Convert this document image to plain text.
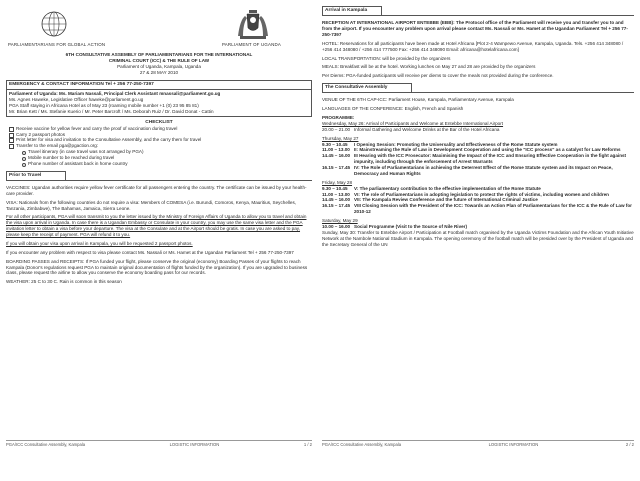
PARLIAMENTARIANS FOR GLOBAL ACTION	PARLIAMENT OF UGANDA
6TH CONSULTATIVE ASSEMBLY OF PARLIAMENTARIANS FOR THE INTERNATIONAL
CRIMINAL COURT (ICC) & THE RULE OF LAW
Parliament of Uganda, Kampala, Uganda
27 & 28 MAY 2010
EMERGENCY & CONTACT INFORMATION Tel + 256 77-250-7397
Parliament of Uganda: Ms. Mariam Nassali, Principal Clerk Assistant mnassali@parliament.go.ug
Ms. Agnes Haweke, Legislative Officer haweke@parliament.go.ug
PGA Staff staying in Africana Hotel as of May 23 (roaming mobile number +1 (0) 23 95 85 81)
Mr. Brian Kett / Ms. Stefanie Kuerio / Mr. Peter Barcroft / Ms. Deborah Ruiz / Dr. David Donat - Cattin
CHECKLIST
Receive vaccine for yellow fever and carry the proof of vaccination during travel
Carry 2 passport photos
Print letter for visa and invitation to the Consultative Assembly, and the carry them for travel
Transfer to the email pga@pgaction.org:
Travel itinerary (in case travel was not arranged by PGA)
Mobile number to be reached during travel
Phone number of assistant back in home country
Prior to Travel

VACCINES: Ugandan authorities require yellow fever certificate for all passengers entering the country. The certificate can be issued by your health-care provider.

VISA: Nationals from the following countries do not require a visa: Members of COMESA (i.e. Burundi, Comoros, Kenya, Mauritius, Seychelles, Tanzania, Zimbabwe), The Bahamas, Jamaica, Sierra Leone.

For all other participants, PGA will soon transmit to you the letter issued by the Ministry of Foreign Affairs of Uganda to allow you to travel and obtain the visa upon arrival in Uganda. In case there is a Ugandan Embassy or Consulate in your country, you may use the same visa letter and the PGA invitation letter to obtain a visa before your departure. The visa at the Consulate and at the Airport should be gratis. In case you are asked to pay, please keep the receipt of payment. PGA will refund it to you.

If you will obtain your visa upon arrival in Kampala, you will be requested 2 passport photos.

If you encounter any problem with respect to visa please contact Ms. Nassali or Ms. Hamet at the Ugandan Parliament Tel + 256 77-250-7397

BOARDING PASSES and RECEIPTS: If PGA funded your flight, please conserve the original (economy) Boarding Passes of your flights to reach Kampala (Donor's regulations request PGA to maintain original documentation of flights funded by the organization). If you are upgraded to business class, please request the airline to allow you conserve the economy boarding pass for our records.

WEATHER: 25 C to 30 C. Rain is common in this season

PGA/ICC Consultative Assembly, Kampala	LOGISTIC INFORMATION	1 / 2
Arrival in Kampala

RECEPTION AT INTERNATIONAL AIRPORT ENTEBBE (EBB): The Protocol office of the Parliament will receive you and transfer you to and from the airport. If you encounter any problem upon arrival please contact Ms. Nassali or Ms. Hamet at the Ugandan Parliament Tel + 256 77-250-7397

HOTEL: Reservations for all participants have been made at Hotel Africana [Plot 2-4 Wampewo Avenue, Kampala, Uganda. Tels. +256 414 348080 / +256 414 348080 / +256 414 777500 Fax: +256 414 348090 Email: africana@hotelafricana.com]

LOCAL TRANSPORTATION: will be provided by the organizers

MEALS: Breakfast will be at the hotel. Working lunches on May 27 and 28 are provided by the organizers

Per Diems: PGA-funded participants will receive per diems to cover the meals not provided during the conference.

The Consultative Assembly

VENUE OF THE 6TH CAP-ICC: Parliament House, Kampala, Parliamentary Avenue, Kampala

LANGUAGES OF THE CONFERENCE: English, French and Spanish

PROGRAMME:

Wednesday, May 26: Arrival of Participants and Welcome at Entebbe International Airport
20.00 – 21.00 Informal Gathering and Welcome Drinks at the Bar of the Hotel Africana

Thursday, May 27

9.30 – 10.45	I Opening Session: Promoting the Universality and Effectiveness of the Rome Statute system
11.00 – 13.00 II: Mainstreaming the Rule of Law in Development Cooperation and using the "ICC process" as a catalyst for Law Reforms
14.45 – 16.00 III Hearing with the ICC Prosecutor: Maximising the Impact of the ICC and Ensuring Effective Cooperation in the fight against impunity, including through the enforcement of Arrest Warrants
16.15 – 17.45 IV: The Role of Parliamentarians in achieving the Deterrent Effect of the Rome Statute system and its Impact on Peace, Democracy and Human Rights

Friday, May 28

9.30 – 10.45	V: The parliamentary contribution to the effective implementation of the Rome Statute
11.00 – 13.00 VI: The role of Parliamentarians in adopting legislation to protect the rights of victims, including women and children
14.45 – 16.00 VII: The Kampala Review Conference and the future of International Criminal Justice
16.15 – 17.45 VIII Closing Session with the President of the ICC: Towards an Action Plan of Parliamentarians for the ICC & the Rule of Law for 2010-12

Saturday, May 29

10.00 – 16.00 Social Programme (Visit to the Source of Nile River)
Sunday, May 30: Transfer to Entebbe Airport / Participation at Football match organised by the Uganda Victims Foundation and the African Youth Initiative Network at the Nambole National Stadium in Kampala. The opening ceremony of the football match will be presided over by the President of Uganda and the Secretary General of the UN
PGA/ICC Consultative Assembly, Kampala	LOGISTIC INFORMATION	2 / 2
